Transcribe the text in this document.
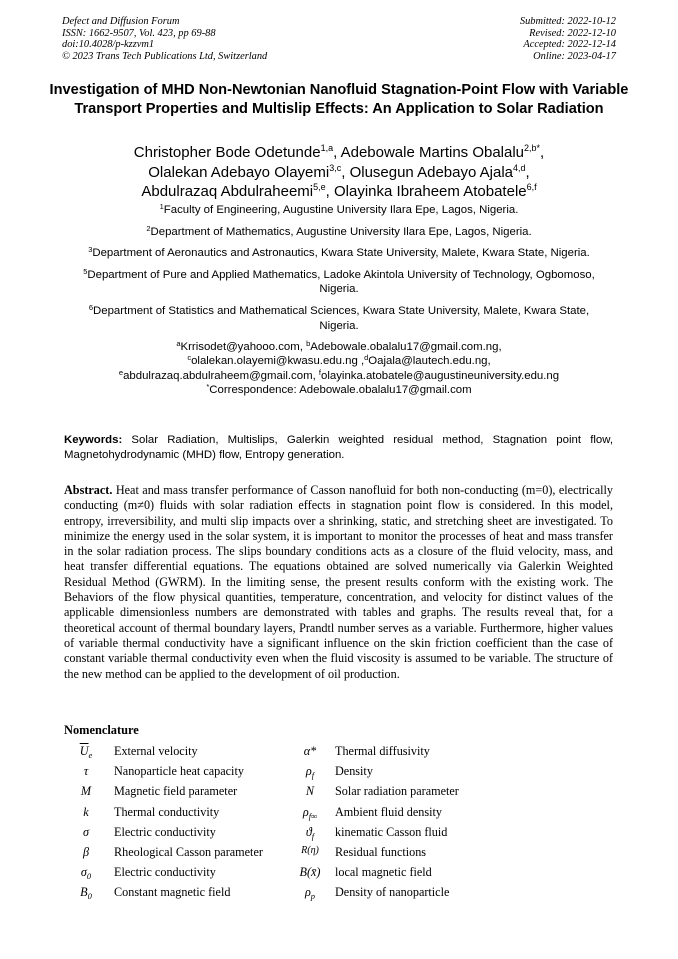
Defect and Diffusion Forum
ISSN: 1662-9507, Vol. 423, pp 69-88
doi:10.4028/p-kzzvm1
© 2023 Trans Tech Publications Ltd, Switzerland
Submitted: 2022-10-12
Revised: 2022-12-10
Accepted: 2022-12-14
Online: 2023-04-17
Investigation of MHD Non-Newtonian Nanofluid Stagnation-Point Flow with Variable Transport Properties and Multislip Effects: An Application to Solar Radiation
Christopher Bode Odetunde$^{1,a}$, Adebowale Martins Obalalu$^{2,b*}$,
Olalekan Adebayo Olayemi$^{3,c}$, Olusegun Adebayo Ajala$^{4,d}$,
Abdulrazaq Abdulraheemi$^{5,e}$, Olayinka Ibraheem Atobatele$^{6,f}$
$^1$Faculty of Engineering, Augustine University Ilara Epe, Lagos, Nigeria.
$^2$Department of Mathematics, Augustine University Ilara Epe, Lagos, Nigeria.
$^3$Department of Aeronautics and Astronautics, Kwara State University, Malete, Kwara State, Nigeria.
$^5$Department of Pure and Applied Mathematics, Ladoke Akintola University of Technology, Ogbomoso, Nigeria.
$^6$Department of Statistics and Mathematical Sciences, Kwara State University, Malete, Kwara State, Nigeria.
$^a$Krrisodet@yahooo.com, $^b$Adebowale.obalalu17@gmail.com.ng,
$^c$olalekan.olayemi@kwasu.edu.ng ,$^d$Oajala@lautech.edu.ng,
$^e$abdulrazaq.abdulraheem@gmail.com, $^f$olayinka.atobatele@augustineuniversity.edu.ng
*Correspondence: Adebowale.obalalu17@gmail.com
Keywords: Solar Radiation, Multislips, Galerkin weighted residual method, Stagnation point flow, Magnetohydrodynamic (MHD) flow, Entropy generation.
Abstract. Heat and mass transfer performance of Casson nanofluid for both non-conducting (m=0), electrically conducting (m≠0) fluids with solar radiation effects in stagnation point flow is considered. In this model, entropy, irreversibility, and multi slip impacts over a shrinking, static, and stretching sheet are investigated. To minimize the energy used in the solar system, it is important to monitor the processes of heat and mass transfer in the solar radiation process. The slips boundary conditions acts as a closure of the fluid velocity, mass, and heat transfer differential equations. The equations obtained are solved numerically via Galerkin Weighted Residual Method (GWRM). In the limiting sense, the present results conform with the existing work. The Behaviors of the flow physical quantities, temperature, concentration, and velocity for distinct values of the applicable dimensionless numbers are demonstrated with tables and graphs. The results reveal that, for a theoretical account of thermal boundary layers, Prandtl number serves as a variable. Furthermore, higher values of variable thermal conductivity have a significant influence on the skin friction coefficient than the case of constant variable thermal conductivity even when the fluid viscosity is assumed to be variable. The structure of the new method can be applied to the development of oil production.
Nomenclature
$\overline{U}_e$	External velocity	α*	Thermal diffusivity
τ	Nanoparticle heat capacity	$\rho_f$	Density
M	Magnetic field parameter	N	Solar radiation parameter
k	Thermal conductivity	$\rho_{f\infty}$	Ambient fluid density
σ	Electric conductivity	$ϑ_f$	kinematic Casson fluid
β	Rheological Casson parameter	R(η)	Residual functions
$\sigma_0$	Electric conductivity	B(x̄)	local magnetic field
$B_0$	Constant magnetic field	$\rho_p$	Density of nanoparticle
